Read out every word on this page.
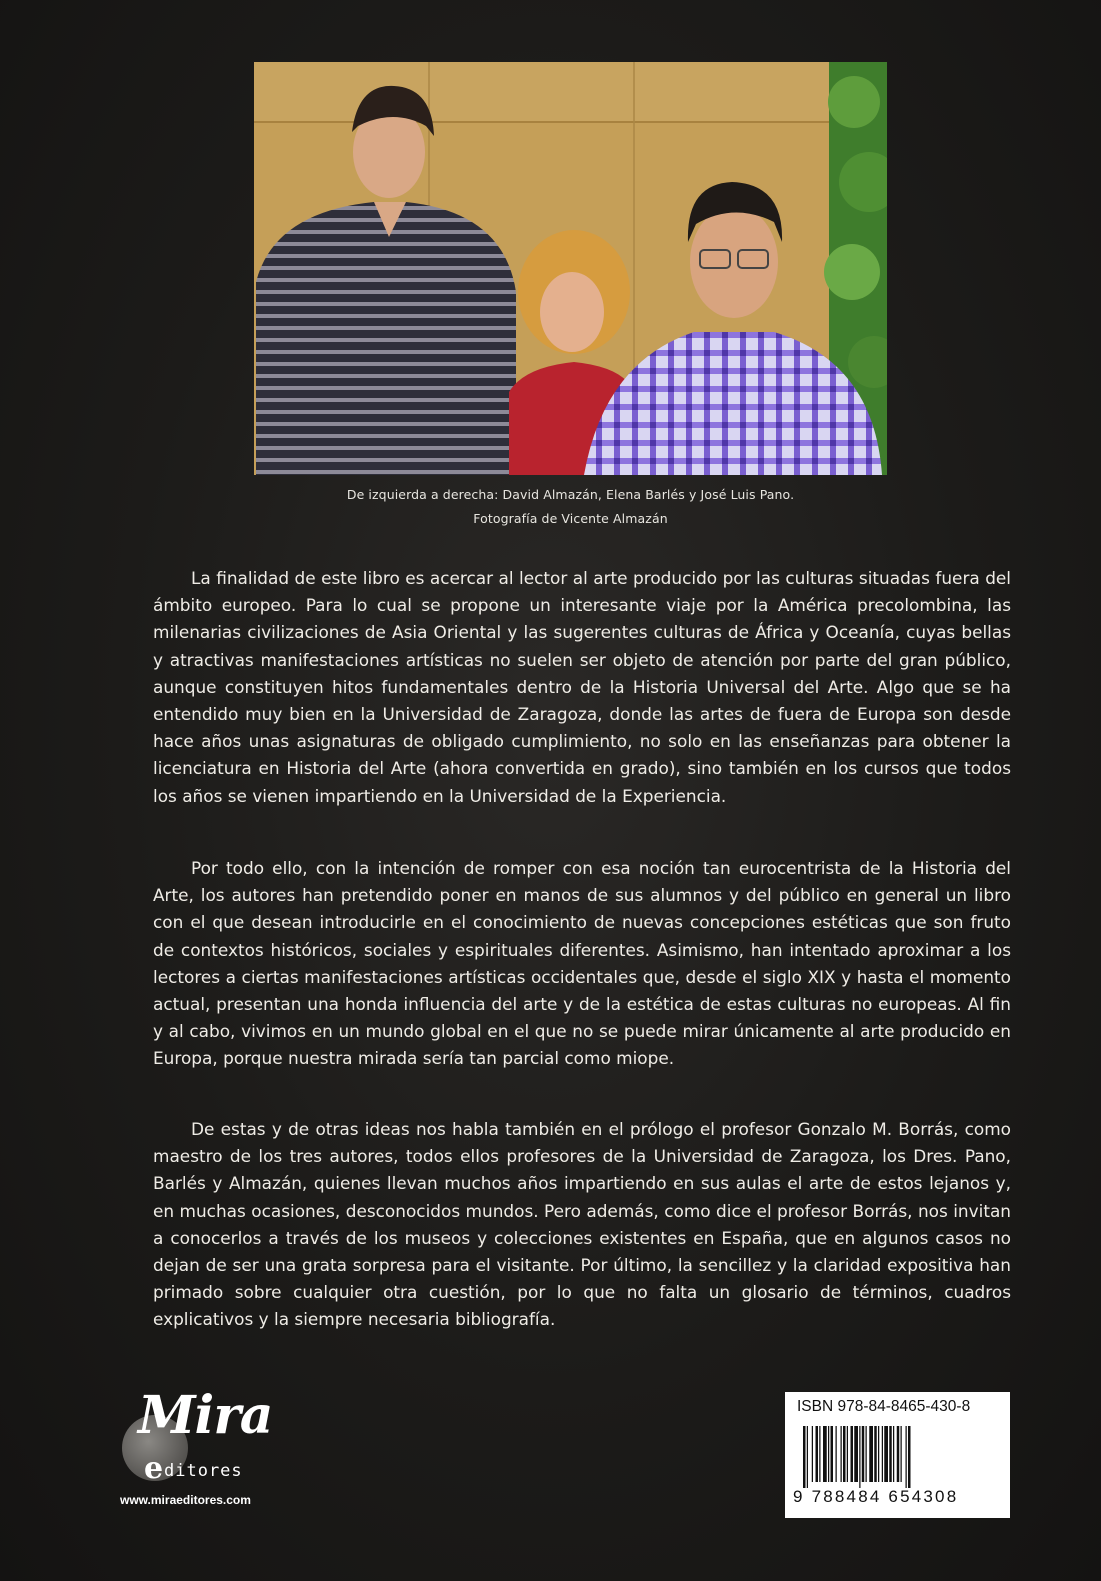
De izquierda a derecha: David Almazán, Elena Barlés y José Luis Pano.
Fotografía de Vicente Almazán

La finalidad de este libro es acercar al lector al arte producido por las culturas situadas fuera del ámbito europeo. Para lo cual se propone un interesante viaje por la América precolombina, las milenarias civilizaciones de Asia Oriental y las sugerentes culturas de África y Oceanía, cuyas bellas y atractivas manifestaciones artísticas no suelen ser objeto de atención por parte del gran público, aunque constituyen hitos fundamentales dentro de la Historia Universal del Arte. Algo que se ha entendido muy bien en la Universidad de Zaragoza, donde las artes de fuera de Europa son desde hace años unas asignaturas de obligado cumplimiento, no solo en las enseñanzas para obtener la licenciatura en Historia del Arte (ahora convertida en grado), sino también en los cursos que todos los años se vienen impartiendo en la Universidad de la Experiencia.

Por todo ello, con la intención de romper con esa noción tan eurocentrista de la Historia del Arte, los autores han pretendido poner en manos de sus alumnos y del público en general un libro con el que desean introducirle en el conocimiento de nuevas concepciones estéticas que son fruto de contextos históricos, sociales y espirituales diferentes. Asimismo, han intentado aproximar a los lectores a ciertas manifestaciones artísticas occidentales que, desde el siglo XIX y hasta el momento actual, presentan una honda influencia del arte y de la estética de estas culturas no europeas. Al fin y al cabo, vivimos en un mundo global en el que no se puede mirar únicamente al arte producido en Europa, porque nuestra mirada sería tan parcial como miope.

De estas y de otras ideas nos habla también en el prólogo el profesor Gonzalo M. Borrás, como maestro de los tres autores, todos ellos profesores de la Universidad de Zaragoza, los Dres. Pano, Barlés y Almazán, quienes llevan muchos años impartiendo en sus aulas el arte de estos lejanos y, en muchas ocasiones, desconocidos mundos. Pero además, como dice el profesor Borrás, nos invitan a conocerlos a través de los museos y colecciones existentes en España, que en algunos casos no dejan de ser una grata sorpresa para el visitante. Por último, la sencillez y la claridad expositiva han primado sobre cualquier otra cuestión, por lo que no falta un glosario de términos, cuadros explicativos y la siempre necesaria bibliografía.

Mira
e ditores
www.miraeditores.com
ISBN 978-84-8465-430-8
9 788484 654308
